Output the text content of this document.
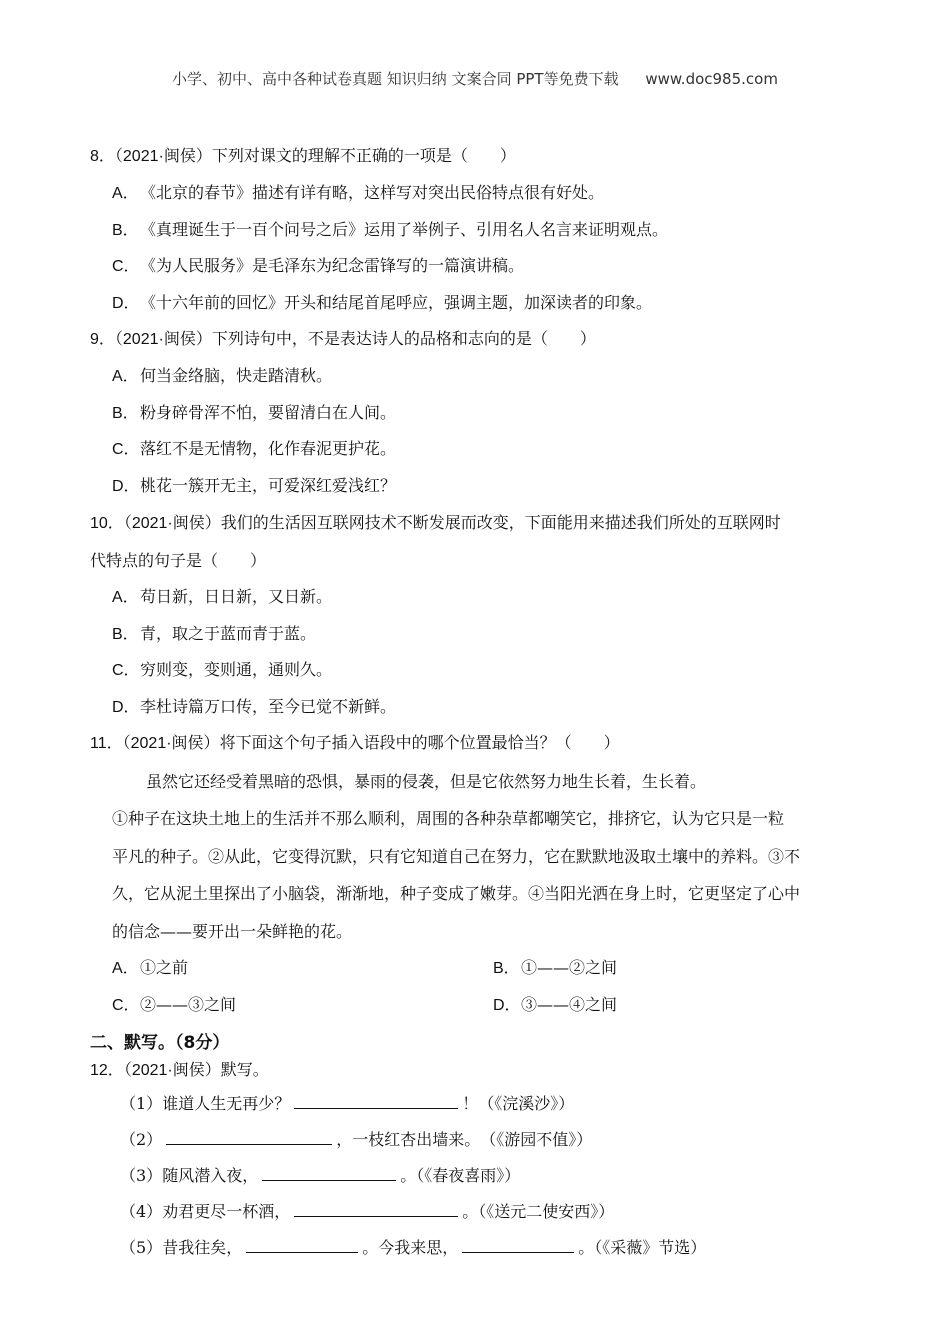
小学、初中、高中各种试卷真题 知识归纳 文案合同 PPT等免费下载 www.doc985.com

8．（2021·闽侯）下列对课文的理解不正确的一项是（　　）

A．《北京的春节》描述有详有略，这样写对突出民俗特点很有好处。

B．《真理诞生于一百个问号之后》运用了举例子、引用名人名言来证明观点。

C．《为人民服务》是毛泽东为纪念雷锋写的一篇演讲稿。

D．《十六年前的回忆》开头和结尾首尾呼应，强调主题，加深读者的印象。

9．（2021·闽侯）下列诗句中，不是表达诗人的品格和志向的是（　　）

A．何当金络脑，快走踏清秋。

B．粉身碎骨浑不怕，要留清白在人间。

C．落红不是无情物，化作春泥更护花。

D．桃花一簇开无主，可爱深红爱浅红？

10．（2021·闽侯）我们的生活因互联网技术不断发展而改变，下面能用来描述我们所处的互联网时
代特点的句子是（　　）

A．苟日新，日日新，又日新。

B．青，取之于蓝而青于蓝。

C．穷则变，变则通，通则久。

D．李杜诗篇万口传，至今已觉不新鲜。

11．（2021·闽侯）将下面这个句子插入语段中的哪个位置最恰当？（　　）

虽然它还经受着黑暗的恐惧，暴雨的侵袭，但是它依然努力地生长着，生长着。

①种子在这块土地上的生活并不那么顺利，周围的各种杂草都嘲笑它，排挤它，认为它只是一粒
平凡的种子。②从此，它变得沉默，只有它知道自己在努力，它在默默地汲取土壤中的养料。③不
久，它从泥土里探出了小脑袋，渐渐地，种子变成了嫩芽。④当阳光洒在身上时，它更坚定了心中
的信念——要开出一朵鲜艳的花。

A．①之前	B．①——②之间

C．②——③之间	D．③——④之间

二、默写。（8分）

12．（2021·闽侯）默写。

（1）谁道人生无再少？	！（《浣溪沙》）

（2）	，一枝红杏出墙来。　（《游园不值》）

（3）随风潜入夜，	。（《春夜喜雨》）

（4）劝君更尽一杯酒，	。（《送元二使安西》）

（5）昔我往矣，	。今我来思，	。（《采薇》节选）
